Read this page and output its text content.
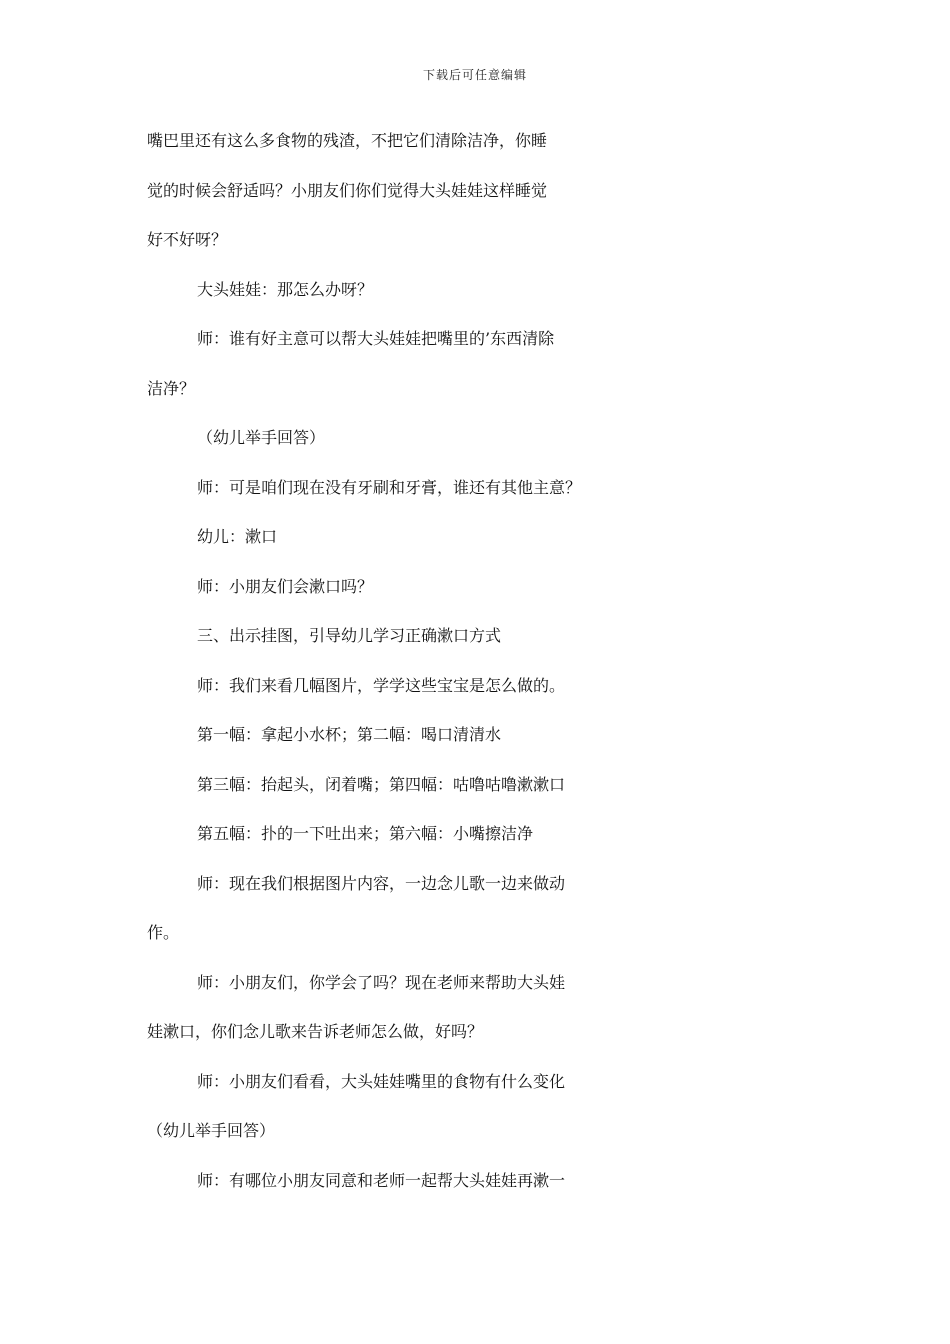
下载后可任意编辑
嘴巴里还有这么多食物的残渣，不把它们清除洁净，你睡
觉的时候会舒适吗？小朋友们你们觉得大头娃娃这样睡觉
好不好呀？
大头娃娃：那怎么办呀？
师：谁有好主意可以帮大头娃娃把嘴里的’东西清除
洁净？
（幼儿举手回答）
师：可是咱们现在没有牙刷和牙膏，谁还有其他主意？
幼儿：漱口
师：小朋友们会漱口吗？
三、出示挂图，引导幼儿学习正确漱口方式
师：我们来看几幅图片，学学这些宝宝是怎么做的。
第一幅：拿起小水杯；第二幅：喝口清清水
第三幅：抬起头，闭着嘴；第四幅：咕噜咕噜漱漱口
第五幅：扑的一下吐出来；第六幅：小嘴擦洁净
师：现在我们根据图片内容，一边念儿歌一边来做动
作。
师：小朋友们，你学会了吗？现在老师来帮助大头娃
娃漱口，你们念儿歌来告诉老师怎么做，好吗？
师：小朋友们看看，大头娃娃嘴里的食物有什么变化
（幼儿举手回答）
师：有哪位小朋友同意和老师一起帮大头娃娃再漱一
